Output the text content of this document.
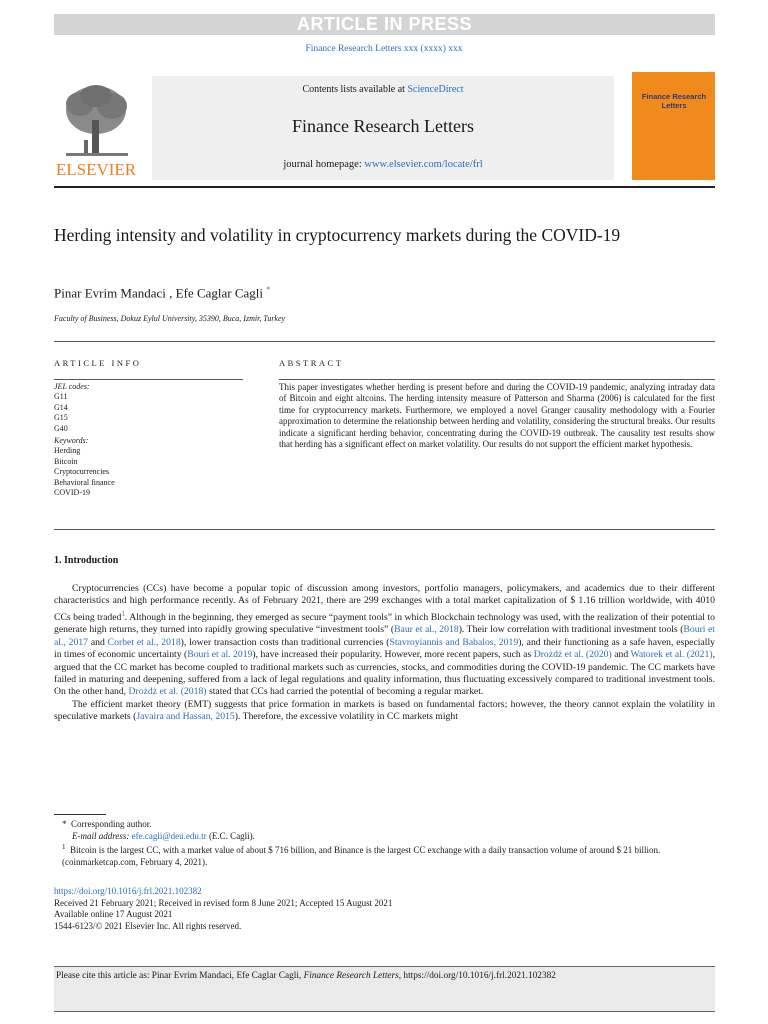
ARTICLE IN PRESS
Finance Research Letters xxx (xxxx) xxx
ELSEVIER
Contents lists available at ScienceDirect
Finance Research Letters
journal homepage: www.elsevier.com/locate/frl
Finance Research Letters
Herding intensity and volatility in cryptocurrency markets during the COVID-19
Pinar Evrim Mandaci , Efe Caglar Cagli *
Faculty of Business, Dokuz Eylul University, 35390, Buca, Izmir, Turkey
ARTICLE INFO	ABSTRACT
JEL codes:
G11
G14
G15
G40
Keywords:
Herding
Bitcoin
Cryptocurrencies
Behavioral finance
COVID-19
This paper investigates whether herding is present before and during the COVID-19 pandemic, analyzing intraday data of Bitcoin and eight altcoins. The herding intensity measure of Patterson and Sharma (2006) is calculated for the first time for cryptocurrency markets. Furthermore, we employed a novel Granger causality methodology with a Fourier approximation to determine the relationship between herding and volatility, considering the structural breaks. Our results indicate a significant herding behavior, concentrating during the COVID-19 outbreak. The causality test results show that herding has a significant effect on market volatility. Our results do not support the efficient market hypothesis.
1. Introduction

Cryptocurrencies (CCs) have become a popular topic of discussion among investors, portfolio managers, policymakers, and academics due to their different characteristics and high performance recently. As of February 2021, there are 299 exchanges with a total market capitalization of $ 1.16 trillion worldwide, with 4010 CCs being traded$^1$. Although in the beginning, they emerged as secure “payment tools” in which Blockchain technology was used, with the realization of their potential to generate high returns, they turned into rapidly growing speculative “investment tools” (Baur et al., 2018). Their low correlation with traditional investment tools (Bouri et al., 2017 and Corbet et al., 2018), lower transaction costs than traditional currencies (Stavroyiannis and Babalos, 2019), and their functioning as a safe haven, especially in times of economic uncertainty (Bouri et al. 2019), have increased their popularity. However, more recent papers, such as Drożdż et al. (2020) and Watorek et al. (2021), argued that the CC market has become coupled to traditional markets such as currencies, stocks, and commodities during the COVID-19 pandemic. The CC markets have failed in maturing and deepening, suffered from a lack of legal regulations and quality information, thus fluctuating excessively compared to traditional investment tools. On the other hand, Drożdż et al. (2018) stated that CCs had carried the potential of becoming a regular market.

The efficient market theory (EMT) suggests that price formation in markets is based on fundamental factors; however, the theory cannot explain the volatility in speculative markets (Javaira and Hassan, 2015). Therefore, the excessive volatility in CC markets might

* Corresponding author.
E-mail address: efe.cagli@deu.edu.tr (E.C. Cagli).
$^1$ Bitcoin is the largest CC, with a market value of about $ 716 billion, and Binance is the largest CC exchange with a daily transaction volume of around $ 21 billion. (coinmarketcap.com, February 4, 2021).
https://doi.org/10.1016/j.frl.2021.102382
Received 21 February 2021; Received in revised form 8 June 2021; Accepted 15 August 2021
Available online 17 August 2021
1544-6123/© 2021 Elsevier Inc. All rights reserved.
Please cite this article as: Pinar Evrim Mandaci, Efe Caglar Cagli, Finance Research Letters, https://doi.org/10.1016/j.frl.2021.102382
